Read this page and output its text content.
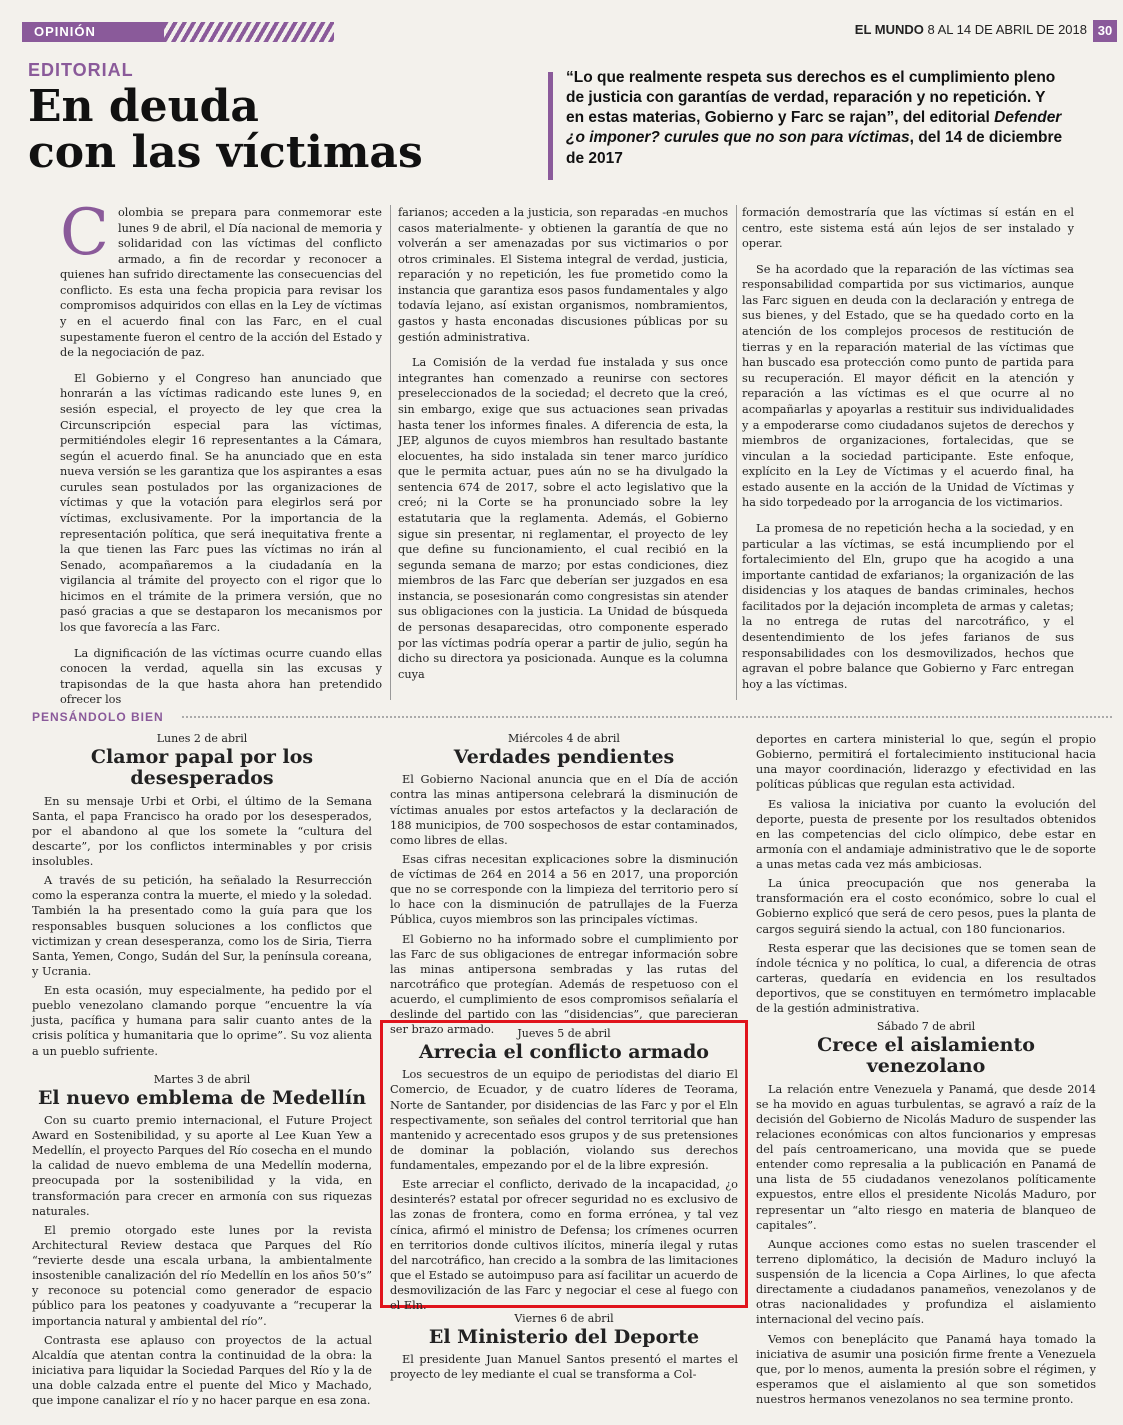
OPINIÓN	EL MUNDO 8 AL 14 DE ABRIL DE 2018 30
EDITORIAL
En deuda
con las víctimas
“Lo que realmente respeta sus derechos es el cumplimiento pleno de justicia con garantías de verdad, reparación y no repetición. Y en estas materias, Gobierno y Farc se rajan”, del editorial Defender ¿o imponer? curules que no son para víctimas, del 14 de diciembre de 2017

Colombia se prepara para conmemorar este lunes 9 de abril, el Día nacional de memoria y solidaridad con las víctimas del conflicto armado, a fin de recordar y reconocer a quienes han sufrido directamente las consecuencias del conflicto. Es esta una fecha propicia para revisar los compromisos adquiridos con ellas en la Ley de víctimas y en el acuerdo final con las Farc, en el cual supestamente fueron el centro de la acción del Estado y de la negociación de paz.

El Gobierno y el Congreso han anunciado que honrarán a las víctimas radicando este lunes 9, en sesión especial, el proyecto de ley que crea la Circunscripción especial para las víctimas, permitiéndoles elegir 16 representantes a la Cámara, según el acuerdo final. Se ha anunciado que en esta nueva versión se les garantiza que los aspirantes a esas curules sean postulados por las organizaciones de víctimas y que la votación para elegirlos será por víctimas, exclusivamente. Por la importancia de la representación política, que será inequitativa frente a la que tienen las Farc pues las víctimas no irán al Senado, acompañaremos a la ciudadanía en la vigilancia al trámite del proyecto con el rigor que lo hicimos en el trámite de la primera versión, que no pasó gracias a que se destaparon los mecanismos por los que favorecía a las Farc.

La dignificación de las víctimas ocurre cuando ellas conocen la verdad, aquella sin las excusas y trapisondas de la que hasta ahora han pretendido ofrecer los

farianos; acceden a la justicia, son reparadas -en muchos casos materialmente- y obtienen la garantía de que no volverán a ser amenazadas por sus victimarios o por otros criminales. El Sistema integral de verdad, justicia, reparación y no repetición, les fue prometido como la instancia que garantiza esos pasos fundamentales y algo todavía lejano, así existan organismos, nombramientos, gastos y hasta enconadas discusiones públicas por su gestión administrativa.

La Comisión de la verdad fue instalada y sus once integrantes han comenzado a reunirse con sectores preseleccionados de la sociedad; el decreto que la creó, sin embargo, exige que sus actuaciones sean privadas hasta tener los informes finales. A diferencia de esta, la JEP, algunos de cuyos miembros han resultado bastante elocuentes, ha sido instalada sin tener marco jurídico que le permita actuar, pues aún no se ha divulgado la sentencia 674 de 2017, sobre el acto legislativo que la creó; ni la Corte se ha pronunciado sobre la ley estatutaria que la reglamenta. Además, el Gobierno sigue sin presentar, ni reglamentar, el proyecto de ley que define su funcionamiento, el cual recibió en la segunda semana de marzo; por estas condiciones, diez miembros de las Farc que deberían ser juzgados en esa instancia, se posesionarán como congresistas sin atender sus obligaciones con la justicia. La Unidad de búsqueda de personas desaparecidas, otro componente esperado por las víctimas podría operar a partir de julio, según ha dicho su directora ya posicionada. Aunque es la columna cuya

formación demostraría que las víctimas sí están en el centro, este sistema está aún lejos de ser instalado y operar.

Se ha acordado que la reparación de las víctimas sea responsabilidad compartida por sus victimarios, aunque las Farc siguen en deuda con la declaración y entrega de sus bienes, y del Estado, que se ha quedado corto en la atención de los complejos procesos de restitución de tierras y en la reparación material de las víctimas que han buscado esa protección como punto de partida para su recuperación. El mayor déficit en la atención y reparación a las víctimas es el que ocurre al no acompañarlas y apoyarlas a restituir sus individualidades y a empoderarse como ciudadanos sujetos de derechos y miembros de organizaciones, fortalecidas, que se vinculan a la sociedad participante. Este enfoque, explícito en la Ley de Víctimas y el acuerdo final, ha estado ausente en la acción de la Unidad de Víctimas y ha sido torpedeado por la arrogancia de los victimarios.

La promesa de no repetición hecha a la sociedad, y en particular a las víctimas, se está incumpliendo por el fortalecimiento del Eln, grupo que ha acogido a una importante cantidad de exfarianos; la organización de las disidencias y los ataques de bandas criminales, hechos facilitados por la dejación incompleta de armas y caletas; la no entrega de rutas del narcotráfico, y el desentendimiento de los jefes farianos de sus responsabilidades con los desmovilizados, hechos que agravan el pobre balance que Gobierno y Farc entregan hoy a las víctimas.

PENSÁNDOLO BIEN
Lunes 2 de abril
Clamor papal por los desesperados

En su mensaje Urbi et Orbi, el último de la Semana Santa, el papa Francisco ha orado por los desesperados, por el abandono al que los somete la “cultura del descarte”, por los conflictos interminables y por crisis insolubles.

A través de su petición, ha señalado la Resurrección como la esperanza contra la muerte, el miedo y la soledad. También la ha presentado como la guía para que los responsables busquen soluciones a los conflictos que victimizan y crean desesperanza, como los de Siria, Tierra Santa, Yemen, Congo, Sudán del Sur, la península coreana, y Ucrania.

En esta ocasión, muy especialmente, ha pedido por el pueblo venezolano clamando porque “encuentre la vía justa, pacífica y humana para salir cuanto antes de la crisis política y humanitaria que lo oprime”. Su voz alienta a un pueblo sufriente.

Martes 3 de abril
El nuevo emblema de Medellín

Con su cuarto premio internacional, el Future Project Award en Sostenibilidad, y su aporte al Lee Kuan Yew a Medellín, el proyecto Parques del Río cosecha en el mundo la calidad de nuevo emblema de una Medellín moderna, preocupada por la sostenibilidad y la vida, en transformación para crecer en armonía con sus riquezas naturales.

El premio otorgado este lunes por la revista Architectural Review destaca que Parques del Río “revierte desde una escala urbana, la ambientalmente insostenible canalización del río Medellín en los años 50’s” y reconoce su potencial como generador de espacio público para los peatones y coadyuvante a “recuperar la importancia natural y ambiental del río”.

Contrasta ese aplauso con proyectos de la actual Alcaldía que atentan contra la continuidad de la obra: la iniciativa para liquidar la Sociedad Parques del Río y la de una doble calzada entre el puente del Mico y Machado, que impone canalizar el río y no hacer parque en esa zona.

Miércoles 4 de abril
Verdades pendientes

El Gobierno Nacional anuncia que en el Día de acción contra las minas antipersona celebrará la disminución de víctimas anuales por estos artefactos y la declaración de 188 municipios, de 700 sospechosos de estar contaminados, como libres de ellas.

Esas cifras necesitan explicaciones sobre la disminución de víctimas de 264 en 2014 a 56 en 2017, una proporción que no se corresponde con la limpieza del territorio pero sí lo hace con la disminución de patrullajes de la Fuerza Pública, cuyos miembros son las principales víctimas.

El Gobierno no ha informado sobre el cumplimiento por las Farc de sus obligaciones de entregar información sobre las minas antipersona sembradas y las rutas del narcotráfico que protegían. Además de respetuoso con el acuerdo, el cumplimiento de esos compromisos señalaría el deslinde del partido con las “disidencias”, que parecieran ser brazo armado.	Jueves 5 de abril
Arrecia el conflicto armado

Los secuestros de un equipo de periodistas del diario El Comercio, de Ecuador, y de cuatro líderes de Teorama, Norte de Santander, por disidencias de las Farc y por el Eln respectivamente, son señales del control territorial que han mantenido y acrecentado esos grupos y de sus pretensiones de dominar la población, violando sus derechos fundamentales, empezando por el de la libre expresión.

Este arreciar el conflicto, derivado de la incapacidad, ¿o desinterés? estatal por ofrecer seguridad no es exclusivo de las zonas de frontera, como en forma errónea, y tal vez cínica, afirmó el ministro de Defensa; los crímenes ocurren en territorios donde cultivos ilícitos, minería ilegal y rutas del narcotráfico, han crecido a la sombra de las limitaciones que el Estado se autoimpuso para así facilitar un acuerdo de desmovilización de las Farc y negociar el cese al fuego con el Eln.

Viernes 6 de abril
El Ministerio del Deporte

El presidente Juan Manuel Santos presentó el martes el proyecto de ley mediante el cual se transforma a Col-

deportes en cartera ministerial lo que, según el propio Gobierno, permitirá el fortalecimiento institucional hacia una mayor coordinación, liderazgo y efectividad en las políticas públicas que regulan esta actividad.

Es valiosa la iniciativa por cuanto la evolución del deporte, puesta de presente por los resultados obtenidos en las competencias del ciclo olímpico, debe estar en armonía con el andamiaje administrativo que le de soporte a unas metas cada vez más ambiciosas.

La única preocupación que nos generaba la transformación era el costo económico, sobre lo cual el Gobierno explicó que será de cero pesos, pues la planta de cargos seguirá siendo la actual, con 180 funcionarios.

Resta esperar que las decisiones que se tomen sean de índole técnica y no política, lo cual, a diferencia de otras carteras, quedaría en evidencia en los resultados deportivos, que se constituyen en termómetro implacable de la gestión administrativa.

Sábado 7 de abril
Crece el aislamiento venezolano

La relación entre Venezuela y Panamá, que desde 2014 se ha movido en aguas turbulentas, se agravó a raíz de la decisión del Gobierno de Nicolás Maduro de suspender las relaciones económicas con altos funcionarios y empresas del país centroamericano, una movida que se puede entender como represalia a la publicación en Panamá de una lista de 55 ciudadanos venezolanos políticamente expuestos, entre ellos el presidente Nicolás Maduro, por representar un “alto riesgo en materia de blanqueo de capitales”.

Aunque acciones como estas no suelen trascender el terreno diplomático, la decisión de Maduro incluyó la suspensión de la licencia a Copa Airlines, lo que afecta directamente a ciudadanos panameños, venezolanos y de otras nacionalidades y profundiza el aislamiento internacional del vecino país.

Vemos con beneplácito que Panamá haya tomado la iniciativa de asumir una posición firme frente a Venezuela que, por lo menos, aumenta la presión sobre el régimen, y esperamos que el aislamiento al que son sometidos nuestros hermanos venezolanos no sea termine pronto.
